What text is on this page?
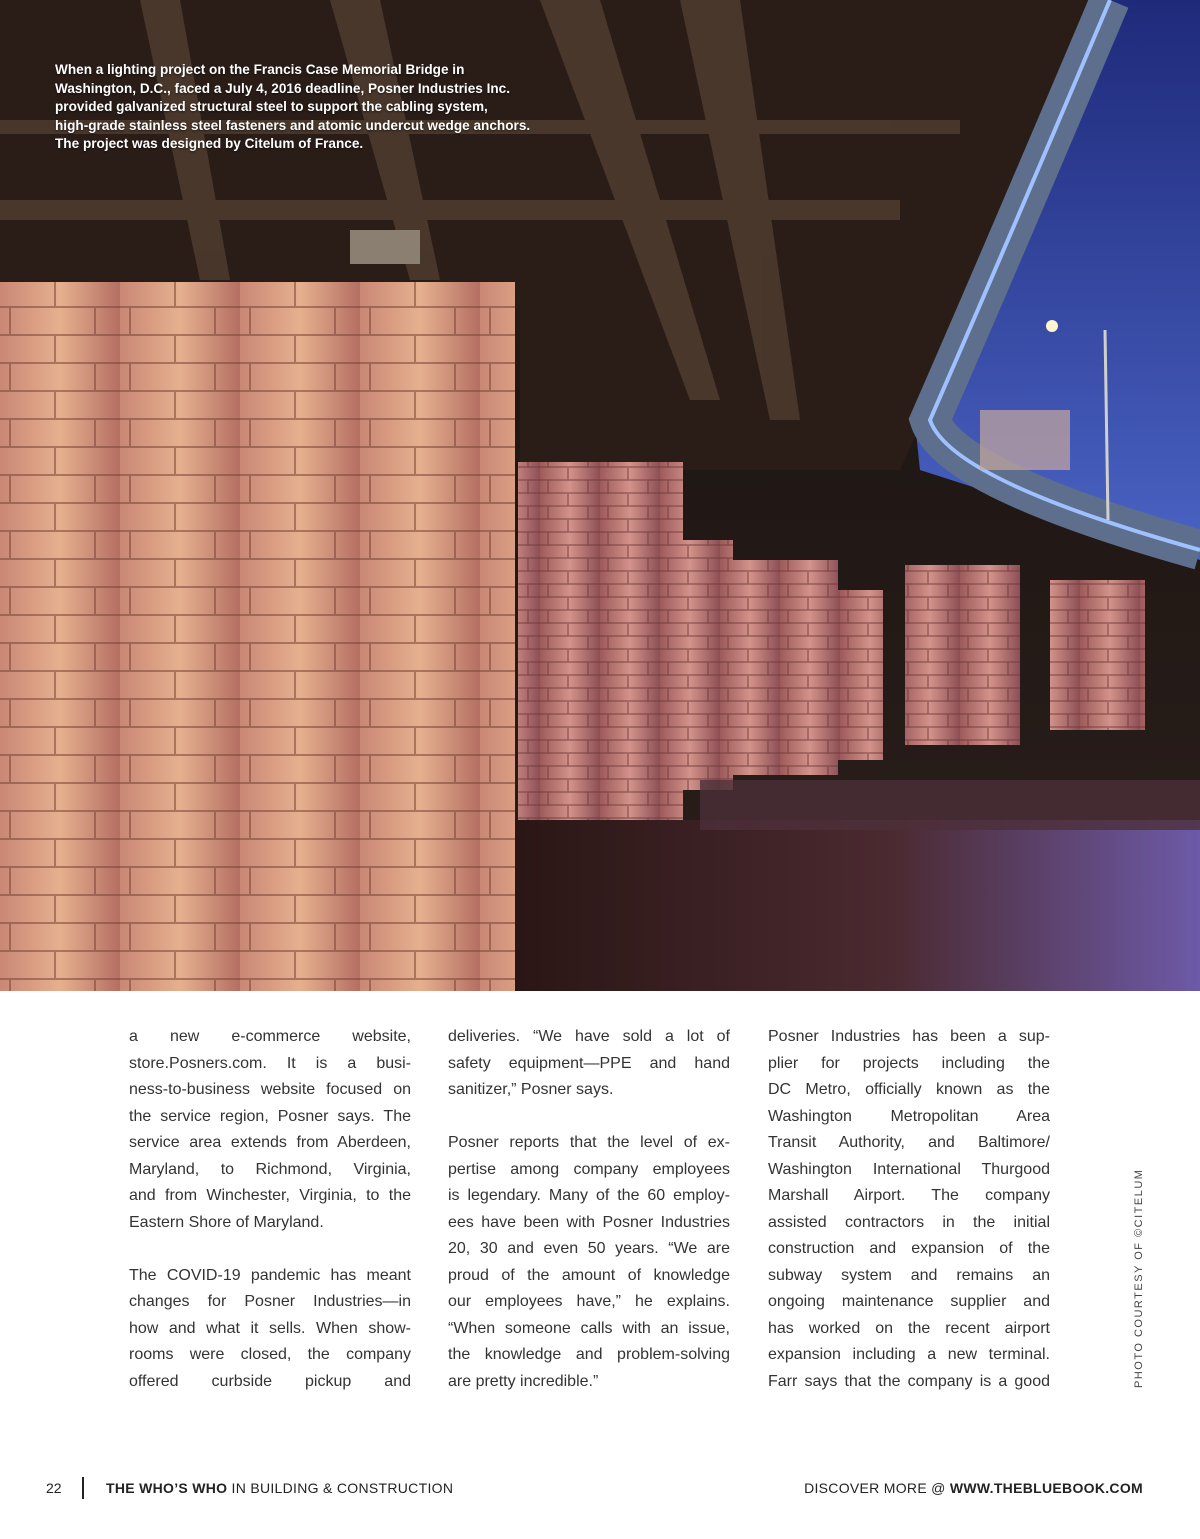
When a lighting project on the Francis Case Memorial Bridge in
Washington, D.C., faced a July 4, 2016 deadline, Posner Industries Inc.
provided galvanized structural steel to support the cabling system,
high-grade stainless steel fasteners and atomic undercut wedge anchors.
The project was designed by Citelum of France.

a new e-commerce website,
store.Posners.com. It is a busi-
ness-to-business website focused on
the service region, Posner says. The
service area extends from Aberdeen,
Maryland, to Richmond, Virginia,
and from Winchester, Virginia, to the
Eastern Shore of Maryland.

The COVID-19 pandemic has meant
changes for Posner Industries—in
how and what it sells. When show-
rooms were closed, the company
offered curbside pickup and

deliveries. “We have sold a lot of
safety equipment—PPE and hand
sanitizer,” Posner says.

Posner reports that the level of ex-
pertise among company employees
is legendary. Many of the 60 employ-
ees have been with Posner Industries
20, 30 and even 50 years. “We are
proud of the amount of knowledge
our employees have,” he explains.
“When someone calls with an issue,
the knowledge and problem-solving
are pretty incredible.”

Posner Industries has been a sup-
plier for projects including the
DC Metro, officially known as the
Washington Metropolitan Area
Transit Authority, and Baltimore/
Washington International Thurgood
Marshall Airport. The company
assisted contractors in the initial
construction and expansion of the
subway system and remains an
ongoing maintenance supplier and
has worked on the recent airport
expansion including a new terminal.
Farr says that the company is a good	PHOTO COURTESY OF ©CITELUM
22	THE WHO’S WHO IN BUILDING & CONSTRUCTION	DISCOVER MORE @ WWW.THEBLUEBOOK.COM
